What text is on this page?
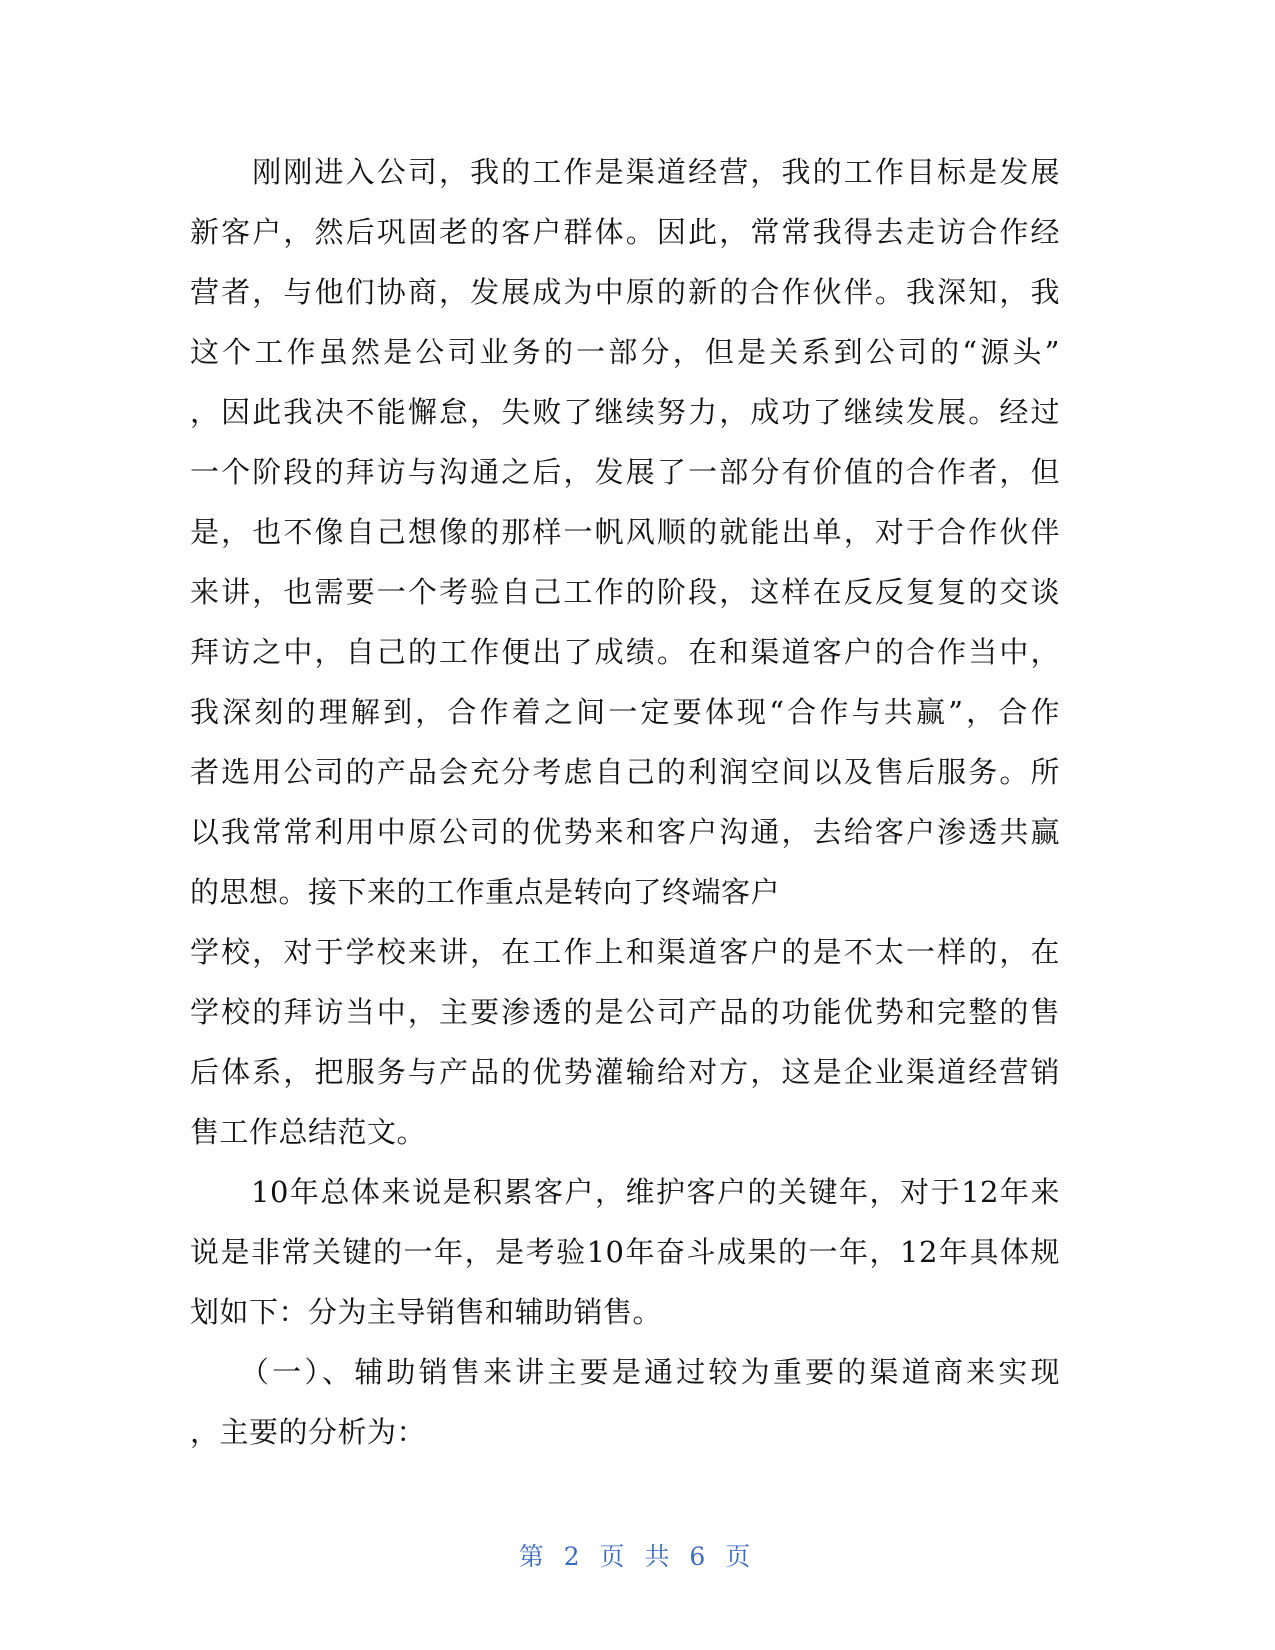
　　刚刚进入公司，我的工作是渠道经营，我的工作目标是发展
新客户，然后巩固老的客户群体。因此，常常我得去走访合作经
营者，与他们协商，发展成为中原的新的合作伙伴。我深知，我
这个工作虽然是公司业务的一部分，但是关系到公司的“源头”
，因此我决不能懈怠，失败了继续努力，成功了继续发展。经过
一个阶段的拜访与沟通之后，发展了一部分有价值的合作者，但
是，也不像自己想像的那样一帆风顺的就能出单，对于合作伙伴
来讲，也需要一个考验自己工作的阶段，这样在反反复复的交谈
拜访之中，自己的工作便出了成绩。在和渠道客户的合作当中，
我深刻的理解到，合作着之间一定要体现“合作与共赢”，合作
者选用公司的产品会充分考虑自己的利润空间以及售后服务。所
以我常常利用中原公司的优势来和客户沟通，去给客户渗透共赢
的思想。接下来的工作重点是转向了终端客户
学校，对于学校来讲，在工作上和渠道客户的是不太一样的，在
学校的拜访当中，主要渗透的是公司产品的功能优势和完整的售
后体系，把服务与产品的优势灌输给对方，这是企业渠道经营销
售工作总结范文。
　　10年总体来说是积累客户，维护客户的关键年，对于12年来
说是非常关键的一年，是考验10年奋斗成果的一年，12年具体规
划如下：分为主导销售和辅助销售。
　　（一）、辅助销售来讲主要是通过较为重要的渠道商来实现
，主要的分析为：
第 2 页 共 6 页
